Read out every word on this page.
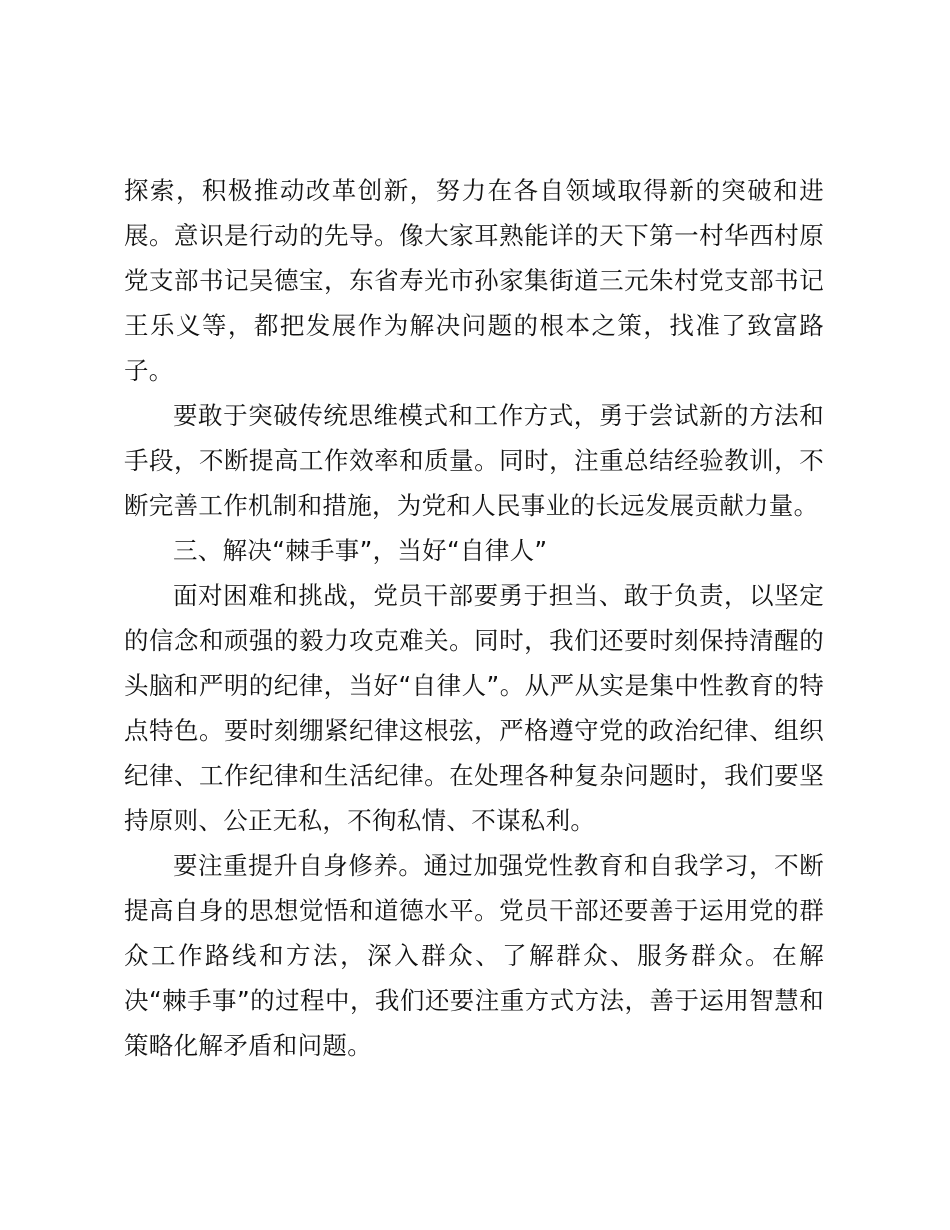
探索，积极推动改革创新，努力在各自领域取得新的突破和进展。意识是行动的先导。像大家耳熟能详的天下第一村华西村原党支部书记吴德宝，东省寿光市孙家集街道三元朱村党支部书记王乐义等，都把发展作为解决问题的根本之策，找准了致富路子。

要敢于突破传统思维模式和工作方式，勇于尝试新的方法和手段，不断提高工作效率和质量。同时，注重总结经验教训，不断完善工作机制和措施，为党和人民事业的长远发展贡献力量。

三、解决“棘手事”，当好“自律人”

面对困难和挑战，党员干部要勇于担当、敢于负责，以坚定的信念和顽强的毅力攻克难关。同时，我们还要时刻保持清醒的头脑和严明的纪律，当好“自律人”。从严从实是集中性教育的特点特色。要时刻绷紧纪律这根弦，严格遵守党的政治纪律、组织纪律、工作纪律和生活纪律。在处理各种复杂问题时，我们要坚持原则、公正无私，不徇私情、不谋私利。

要注重提升自身修养。通过加强党性教育和自我学习，不断提高自身的思想觉悟和道德水平。党员干部还要善于运用党的群众工作路线和方法，深入群众、了解群众、服务群众。在解决“棘手事”的过程中，我们还要注重方式方法，善于运用智慧和策略化解矛盾和问题。
